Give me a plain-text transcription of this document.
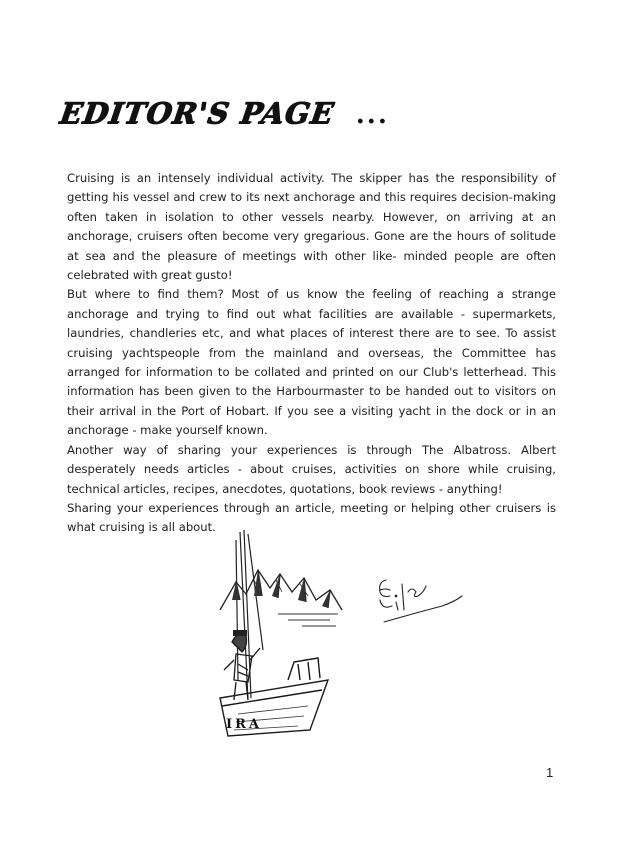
EDITOR'S PAGE ...

Cruising is an intensely individual activity. The skipper has the responsibility of getting his vessel and crew to its next anchorage and this requires decision-making often taken in isolation to other vessels nearby. However, on arriving at an anchorage, cruisers often become very gregarious. Gone are the hours of solitude at sea and the pleasure of meetings with other like- minded people are often celebrated with great gusto!

But where to find them? Most of us know the feeling of reaching a strange anchorage and trying to find out what facilities are available - supermarkets, laundries, chandleries etc, and what places of interest there are to see. To assist cruising yachtspeople from the mainland and overseas, the Committee has arranged for information to be collated and printed on our Club's letterhead. This information has been given to the Harbourmaster to be handed out to visitors on their arrival in the Port of Hobart. If you see a visiting yacht in the dock or in an anchorage - make yourself known.

Another way of sharing your experiences is through The Albatross. Albert desperately needs articles - about cruises, activities on shore while cruising, technical articles, recipes, anecdotes, quotations, book reviews - anything!

Sharing your experiences through an article, meeting or helping other cruisers is what cruising is all about.

IRA
1
